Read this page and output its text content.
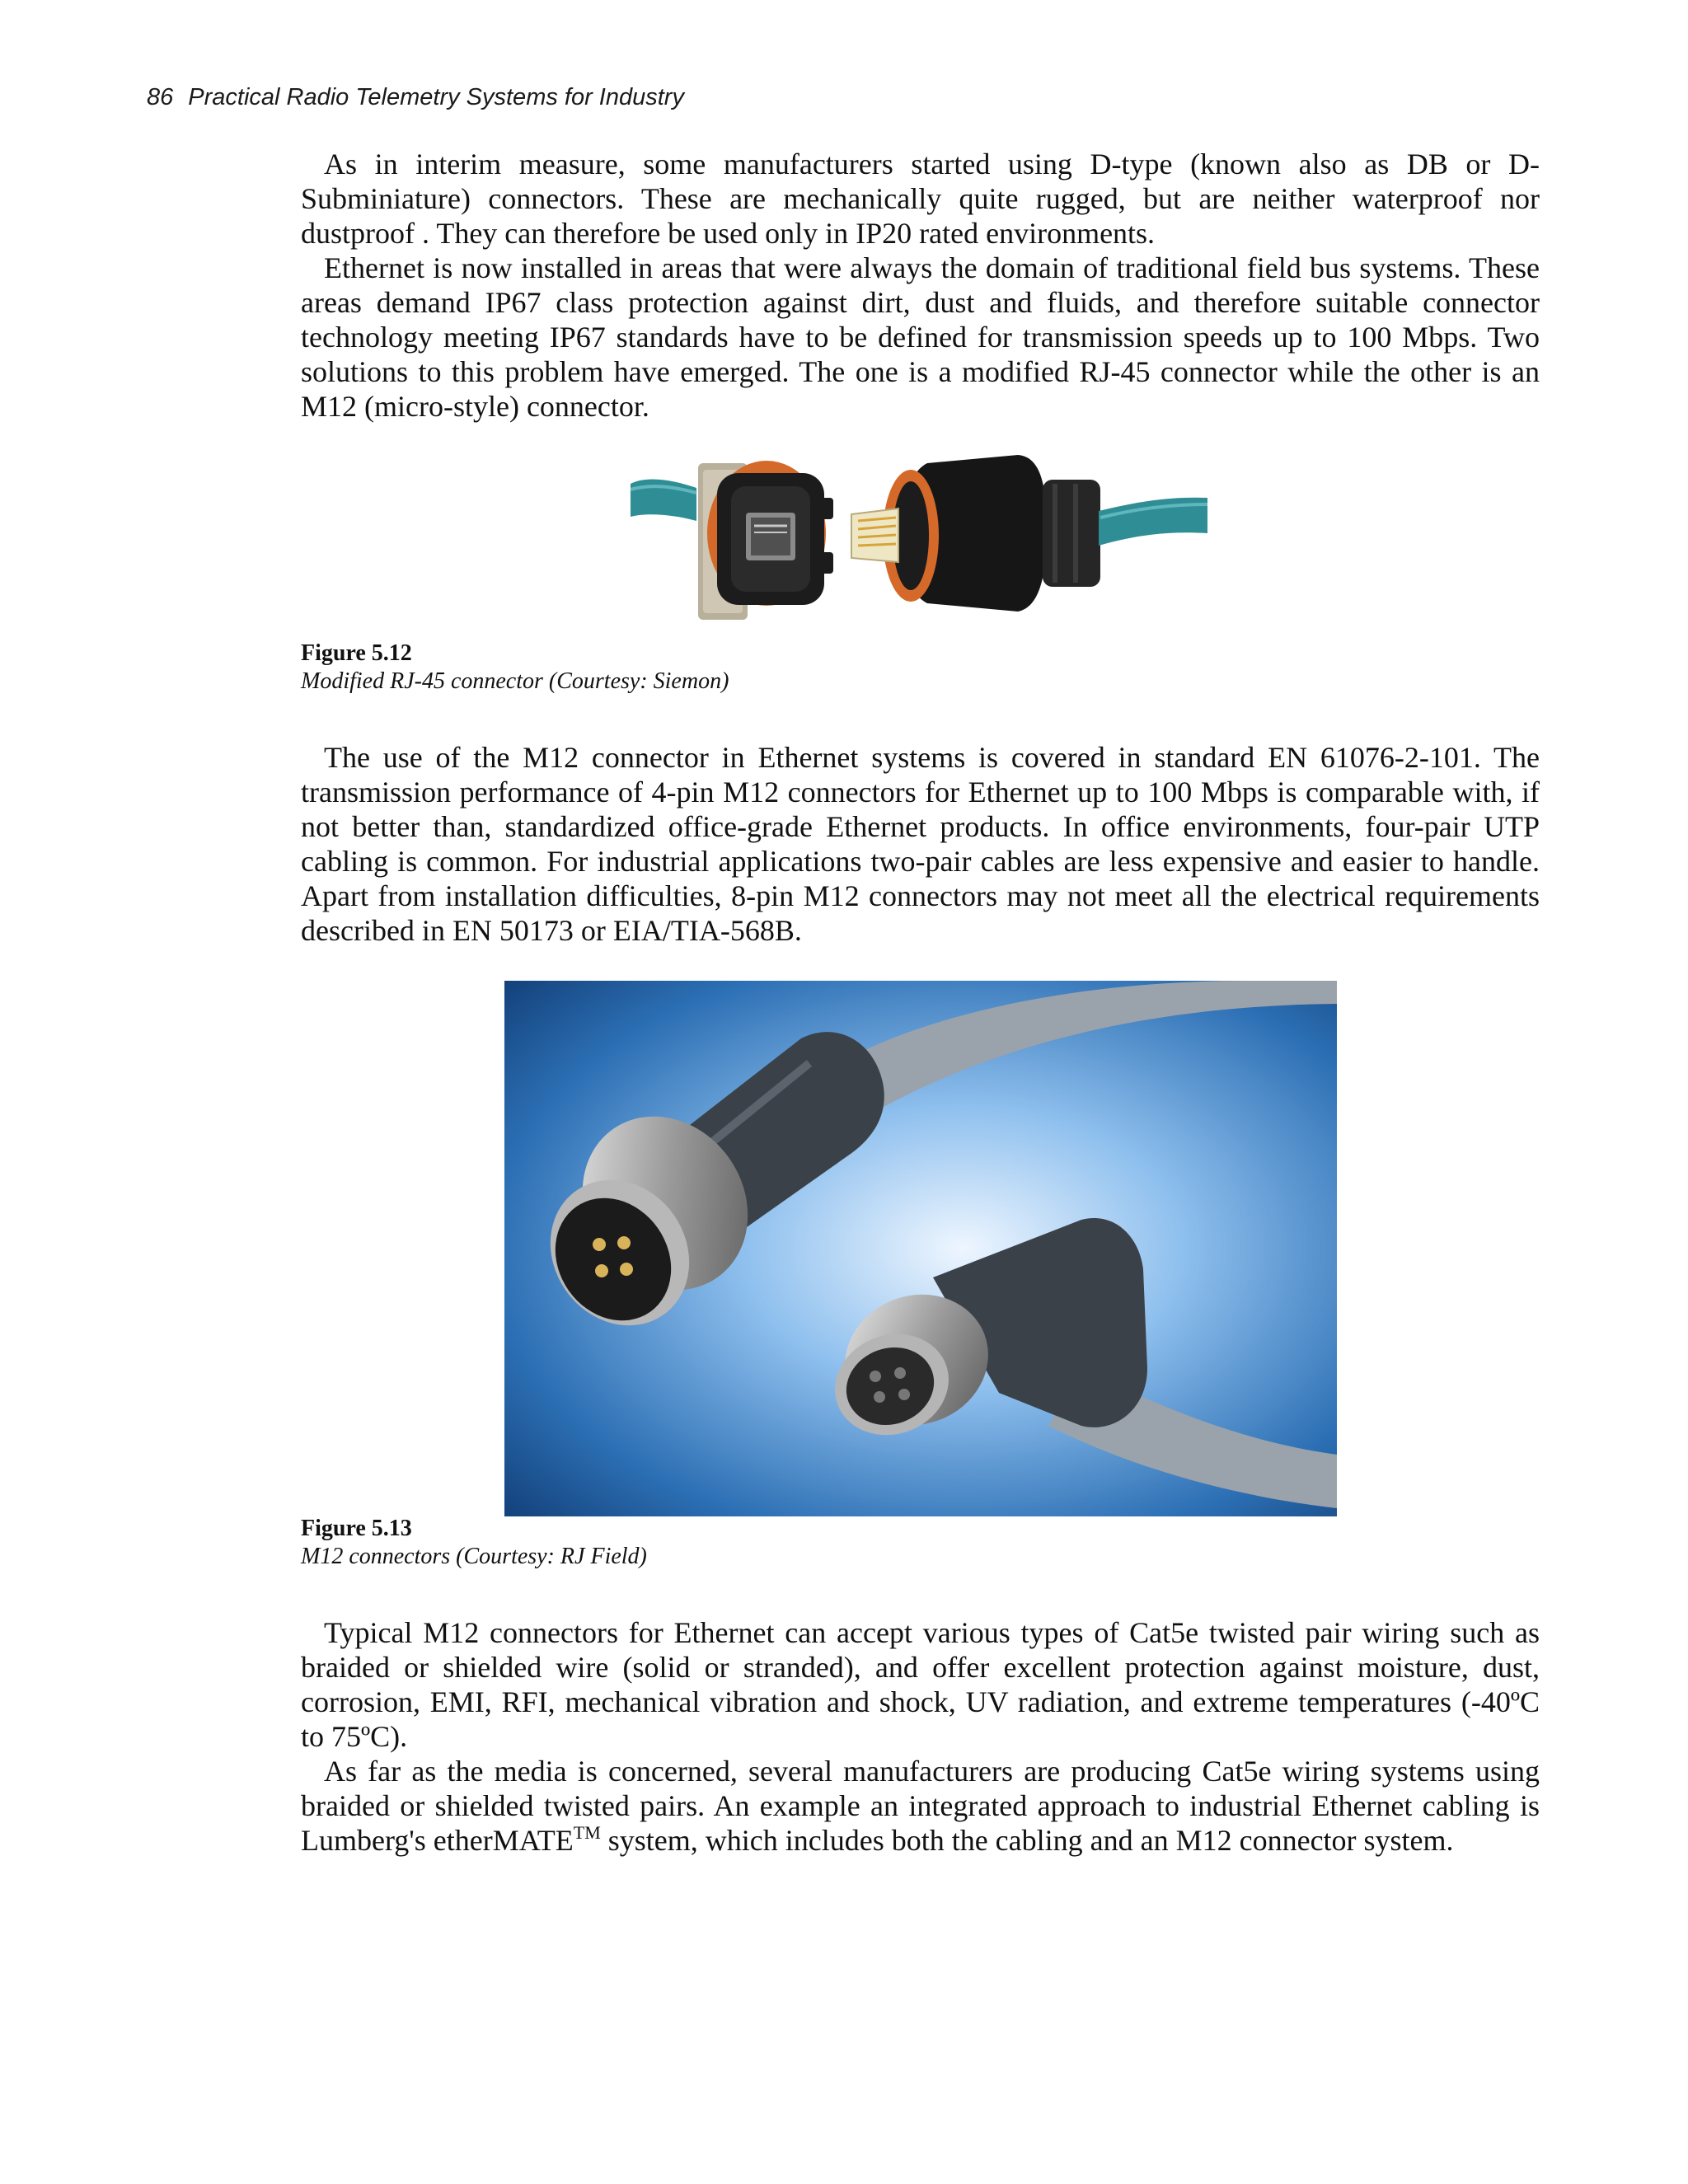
86 Practical Radio Telemetry Systems for Industry

As in interim measure, some manufacturers started using D-type (known also as DB or D-Subminiature) connectors. These are mechanically quite rugged, but are neither waterproof nor dustproof . They can therefore be used only in IP20 rated environments.

Ethernet is now installed in areas that were always the domain of traditional field bus systems. These areas demand IP67 class protection against dirt, dust and fluids, and therefore suitable connector technology meeting IP67 standards have to be defined for transmission speeds up to 100 Mbps. Two solutions to this problem have emerged. The one is a modified RJ-45 connector while the other is an M12 (micro-style) connector.

Figure 5.12
Modified RJ-45 connector (Courtesy: Siemon)

The use of the M12 connector in Ethernet systems is covered in standard EN 61076-2-101. The transmission performance of 4-pin M12 connectors for Ethernet up to 100 Mbps is comparable with, if not better than, standardized office-grade Ethernet products. In office environments, four-pair UTP cabling is common. For industrial applications two-pair cables are less expensive and easier to handle. Apart from installation difficulties, 8-pin M12 connectors may not meet all the electrical requirements described in EN 50173 or EIA/TIA-568B.

Figure 5.13
M12 connectors (Courtesy: RJ Field)

Typical M12 connectors for Ethernet can accept various types of Cat5e twisted pair wiring such as braided or shielded wire (solid or stranded), and offer excellent protection against moisture, dust, corrosion, EMI, RFI, mechanical vibration and shock, UV radiation, and extreme temperatures (-40ºC to 75ºC).

As far as the media is concerned, several manufacturers are producing Cat5e wiring systems using braided or shielded twisted pairs. An example an integrated approach to industrial Ethernet cabling is Lumberg's etherMATE™ system, which includes both the cabling and an M12 connector system.
